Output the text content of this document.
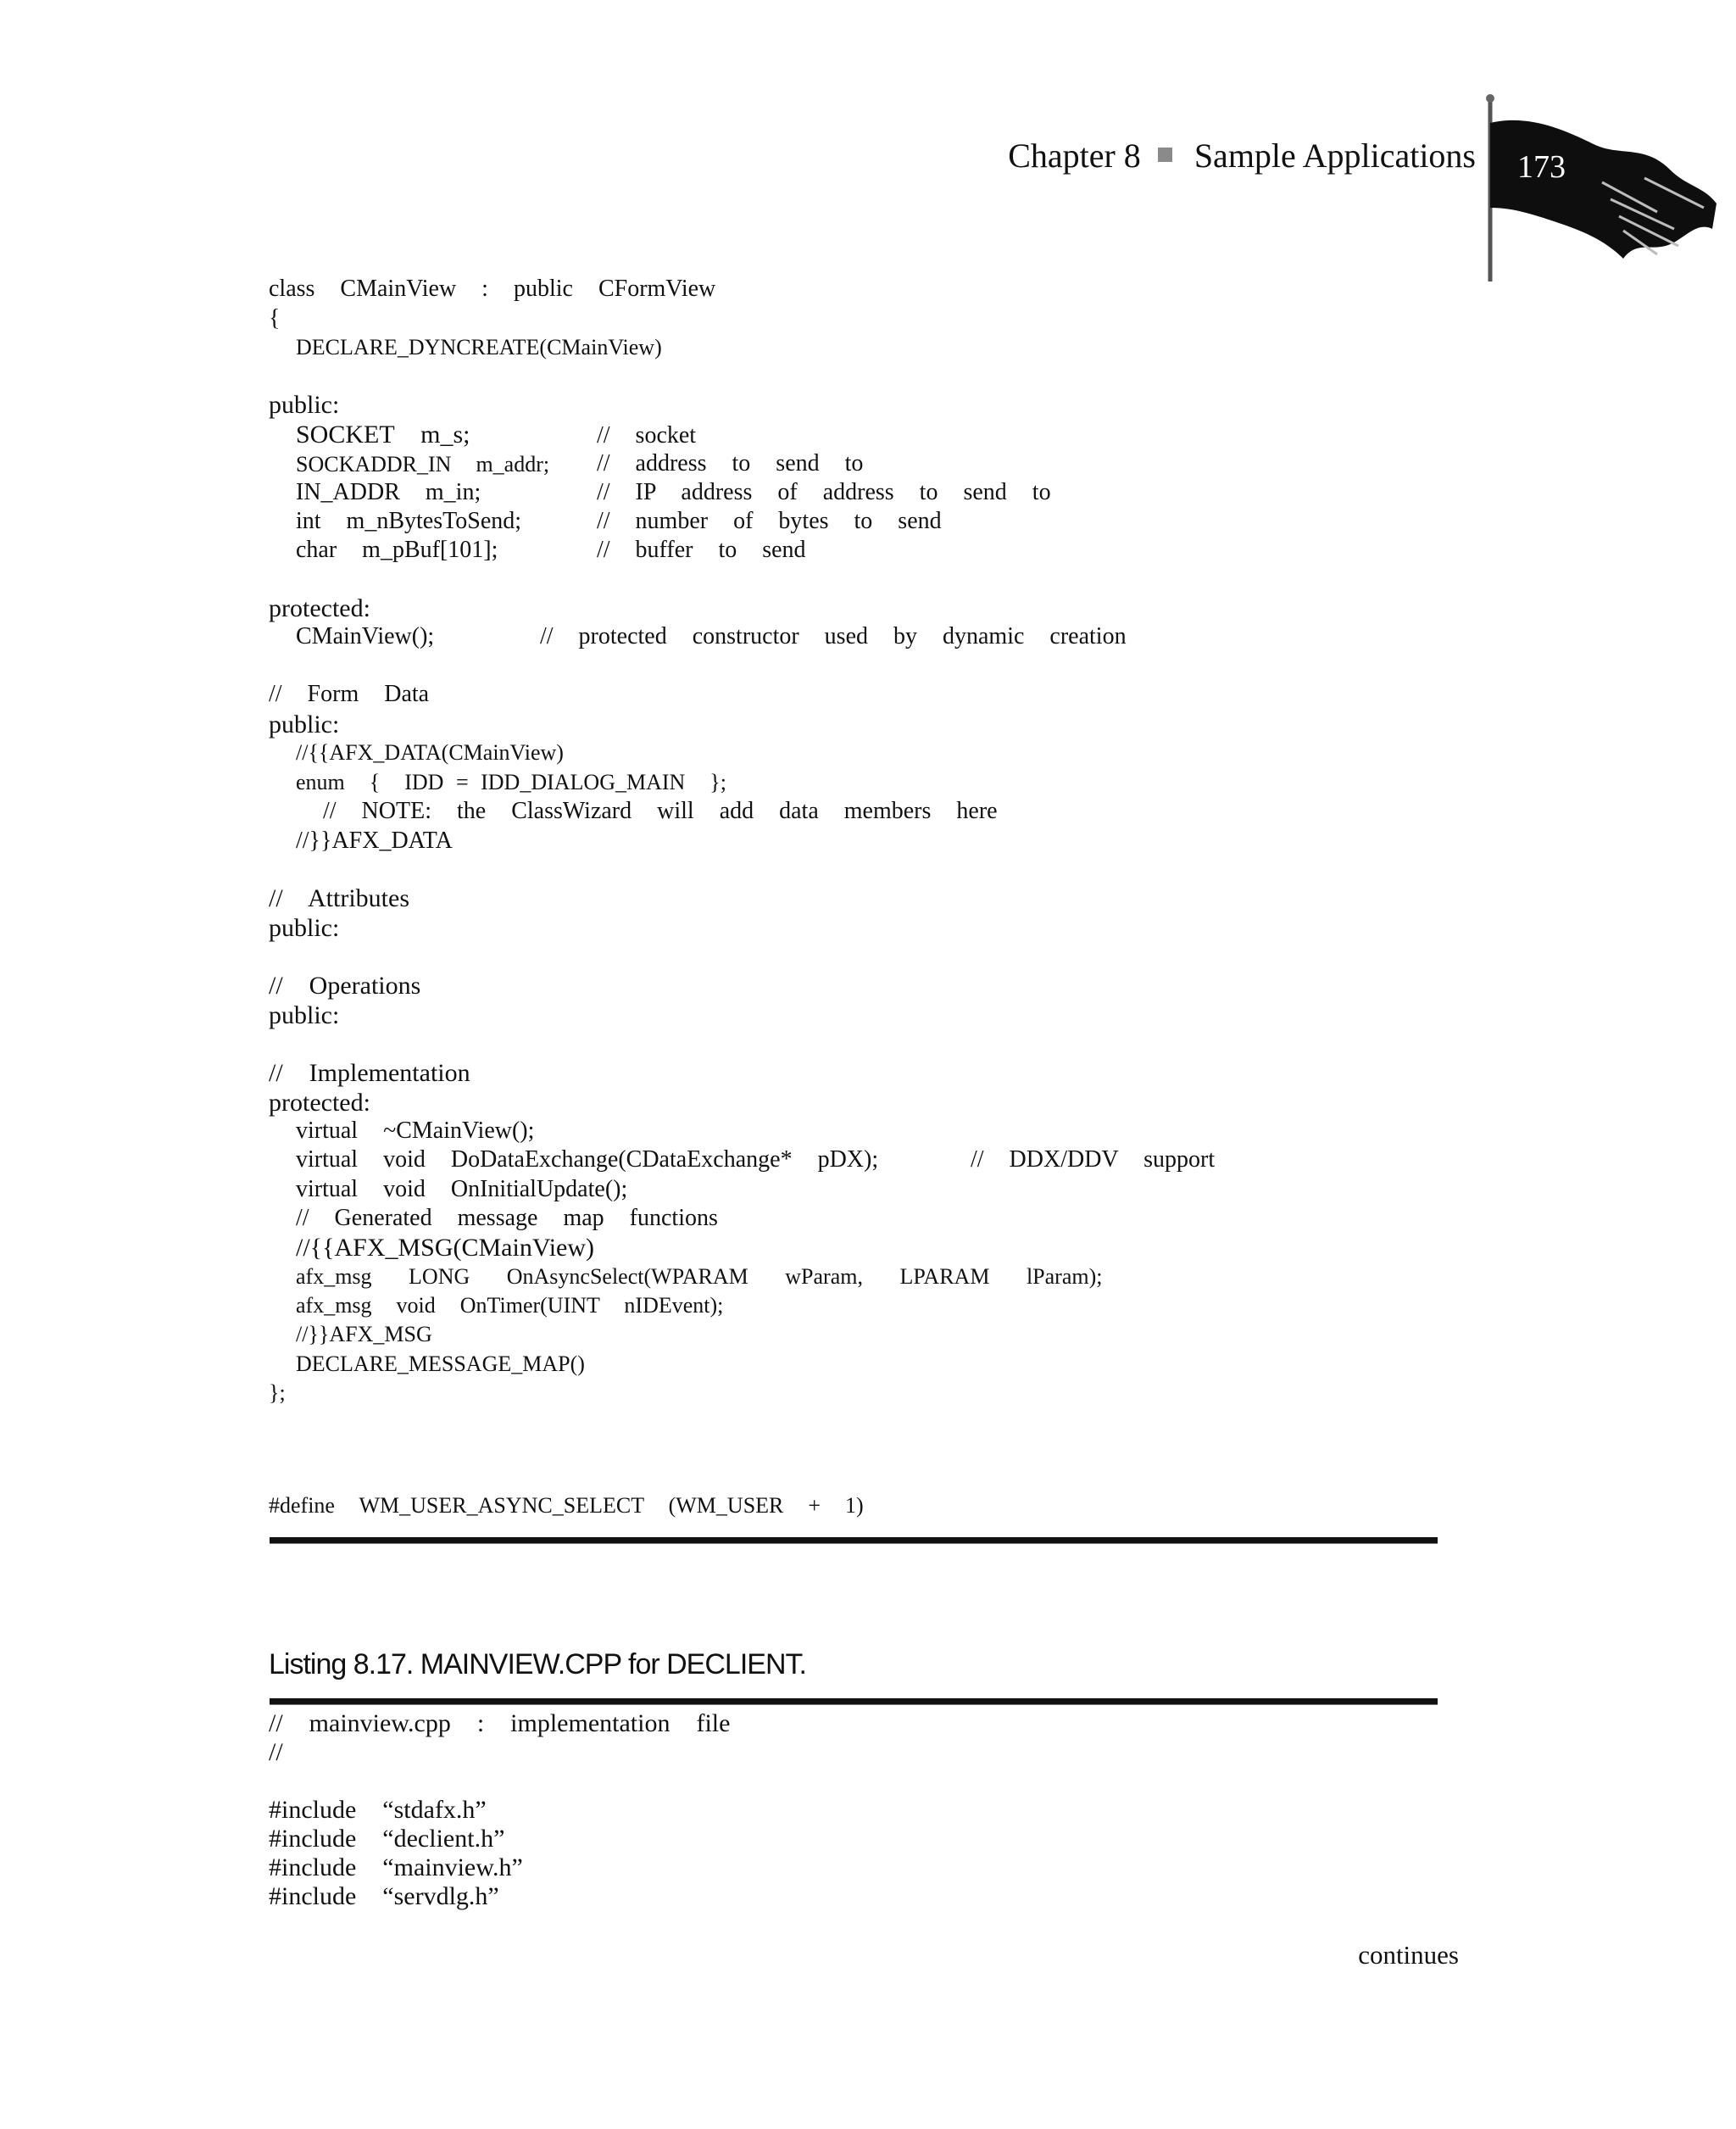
Chapter 8 Sample Applications 173
class  CMainView  :  public  CFormView
{
DECLARE_DYNCREATE(CMainView)
public:
SOCKET  m_s;	//  socket
SOCKADDR_IN  m_addr; //  address  to  send  to
IN_ADDR  m_in;	//  IP  address  of  address  to  send  to
int  m_nBytesToSend;	//  number  of  bytes  to  send
char  m_pBuf[101];	//  buffer  to  send
protected:
CMainView();	//  protected  constructor  used  by  dynamic  creation
//  Form  Data
public:
//{{AFX_DATA(CMainView)
enum  {  IDD = IDD_DIALOG_MAIN  };
//  NOTE:  the  ClassWizard  will  add  data  members  here
//}}AFX_DATA
//  Attributes
public:
//  Operations
public:
//  Implementation
protected:
virtual  ~CMainView();
virtual  void  DoDataExchange(CDataExchange*  pDX);	//  DDX/DDV  support
virtual  void  OnInitialUpdate();
//  Generated  message  map  functions
//{{AFX_MSG(CMainView)
afx_msg   LONG   OnAsyncSelect(WPARAM   wParam,   LPARAM   lParam);
afx_msg  void  OnTimer(UINT  nIDEvent);
//}}AFX_MSG
DECLARE_MESSAGE_MAP()
};
#define  WM_USER_ASYNC_SELECT  (WM_USER  +  1)
Listing 8.17. MAINVIEW.CPP for DECLIENT.
//  mainview.cpp  :  implementation  file
//
#include  “stdafx.h”
#include  “declient.h”
#include  “mainview.h”
#include  “servdlg.h”
continues
